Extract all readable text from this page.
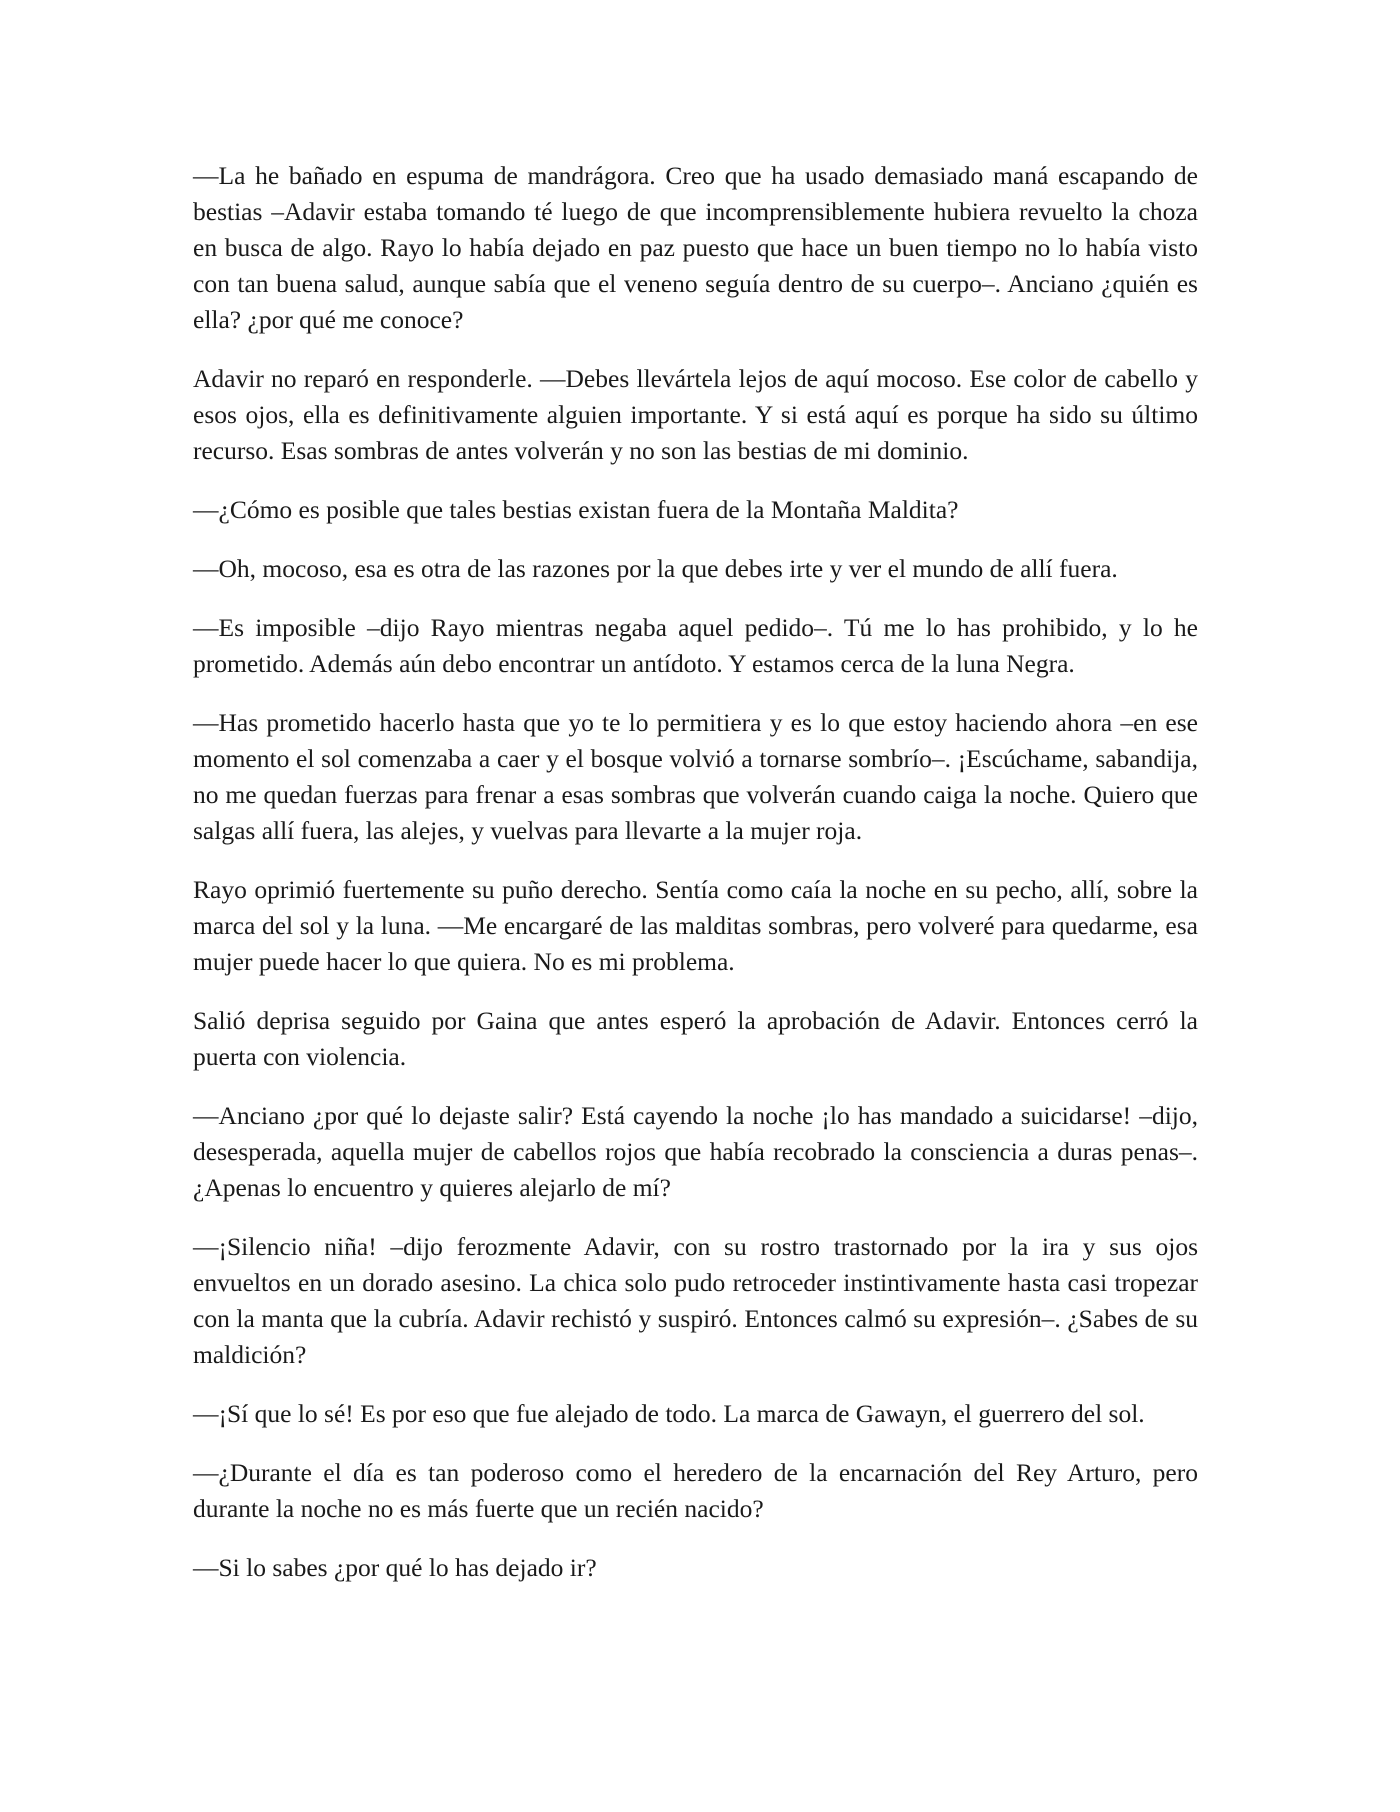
—La he bañado en espuma de mandrágora. Creo que ha usado demasiado maná escapando de bestias –Adavir estaba tomando té luego de que incomprensiblemente hubiera revuelto la choza en busca de algo. Rayo lo había dejado en paz puesto que hace un buen tiempo no lo había visto con tan buena salud, aunque sabía que el veneno seguía dentro de su cuerpo–. Anciano ¿quién es ella? ¿por qué me conoce?

Adavir no reparó en responderle. —Debes llevártela lejos de aquí mocoso. Ese color de cabello y esos ojos, ella es definitivamente alguien importante. Y si está aquí es porque ha sido su último recurso. Esas sombras de antes volverán y no son las bestias de mi dominio.

—¿Cómo es posible que tales bestias existan fuera de la Montaña Maldita?

—Oh, mocoso, esa es otra de las razones por la que debes irte y ver el mundo de allí fuera.

—Es imposible –dijo Rayo mientras negaba aquel pedido–. Tú me lo has prohibido, y lo he prometido. Además aún debo encontrar un antídoto. Y estamos cerca de la luna Negra.

—Has prometido hacerlo hasta que yo te lo permitiera y es lo que estoy haciendo ahora –en ese momento el sol comenzaba a caer y el bosque volvió a tornarse sombrío–. ¡Escúchame, sabandija, no me quedan fuerzas para frenar a esas sombras que volverán cuando caiga la noche. Quiero que salgas allí fuera, las alejes, y vuelvas para llevarte a la mujer roja.

Rayo oprimió fuertemente su puño derecho. Sentía como caía la noche en su pecho, allí, sobre la marca del sol y la luna. —Me encargaré de las malditas sombras, pero volveré para quedarme, esa mujer puede hacer lo que quiera. No es mi problema.

Salió deprisa seguido por Gaina que antes esperó la aprobación de Adavir. Entonces cerró la puerta con violencia.

—Anciano ¿por qué lo dejaste salir? Está cayendo la noche ¡lo has mandado a suicidarse! –dijo, desesperada, aquella mujer de cabellos rojos que había recobrado la consciencia a duras penas–. ¿Apenas lo encuentro y quieres alejarlo de mí?

—¡Silencio niña! –dijo ferozmente Adavir, con su rostro trastornado por la ira y sus ojos envueltos en un dorado asesino. La chica solo pudo retroceder instintivamente hasta casi tropezar con la manta que la cubría. Adavir rechistó y suspiró. Entonces calmó su expresión–. ¿Sabes de su maldición?

—¡Sí que lo sé! Es por eso que fue alejado de todo. La marca de Gawayn, el guerrero del sol.

—¿Durante el día es tan poderoso como el heredero de la encarnación del Rey Arturo, pero durante la noche no es más fuerte que un recién nacido?

—Si lo sabes ¿por qué lo has dejado ir?
